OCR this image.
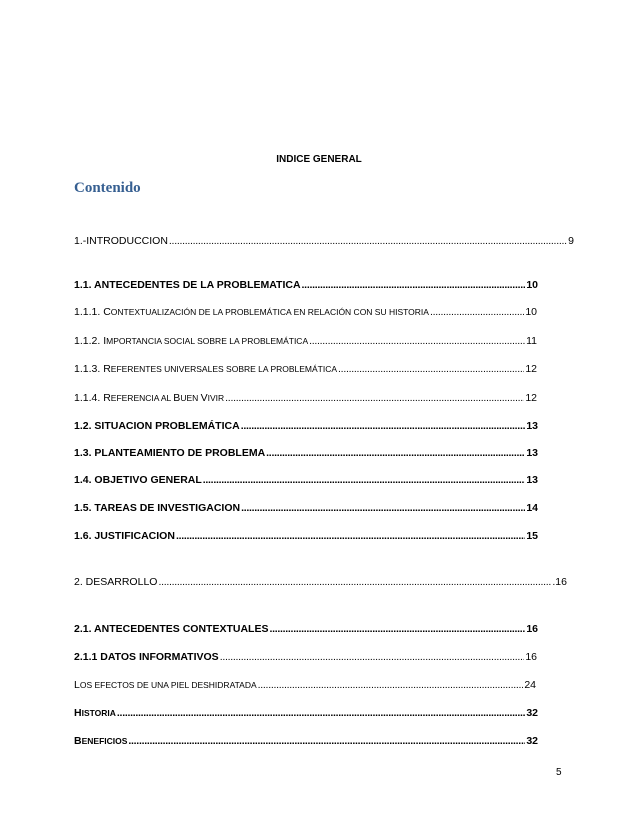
INDICE GENERAL
Contenido
1.-INTRODUCCION . . .	9
1.1. ANTECEDENTES DE LA PROBLEMATICA . . .	10
1.1.1. CONTEXTUALIZACIÓN DE LA PROBLEMÁTICA EN RELACIÓN CON SU HISTORIA . . .	10
1.1.2. IMPORTANCIA SOCIAL SOBRE LA PROBLEMÁTICA . . .	11
1.1.3. REFERENTES UNIVERSALES SOBRE LA PROBLEMÁTICA . . .	12
1.1.4. REFERENCIA AL BUEN VIVIR . . .	12
1.2. SITUACION PROBLEMÁTICA . . .	13
1.3. PLANTEAMIENTO DE PROBLEMA . . .	13
1.4. OBJETIVO GENERAL . . .	13
1.5. TAREAS DE INVESTIGACION . . .	14
1.6. JUSTIFICACION . . .	15
2. DESARROLLO . . .	.16
2.1. ANTECEDENTES CONTEXTUALES . . .	16
2.1.1 DATOS INFORMATIVOS . . .	16
LOS EFECTOS DE UNA PIEL DESHIDRATADA . . .	24
HISTORIA . . .	32
BENEFICIOS . . .	32
5
